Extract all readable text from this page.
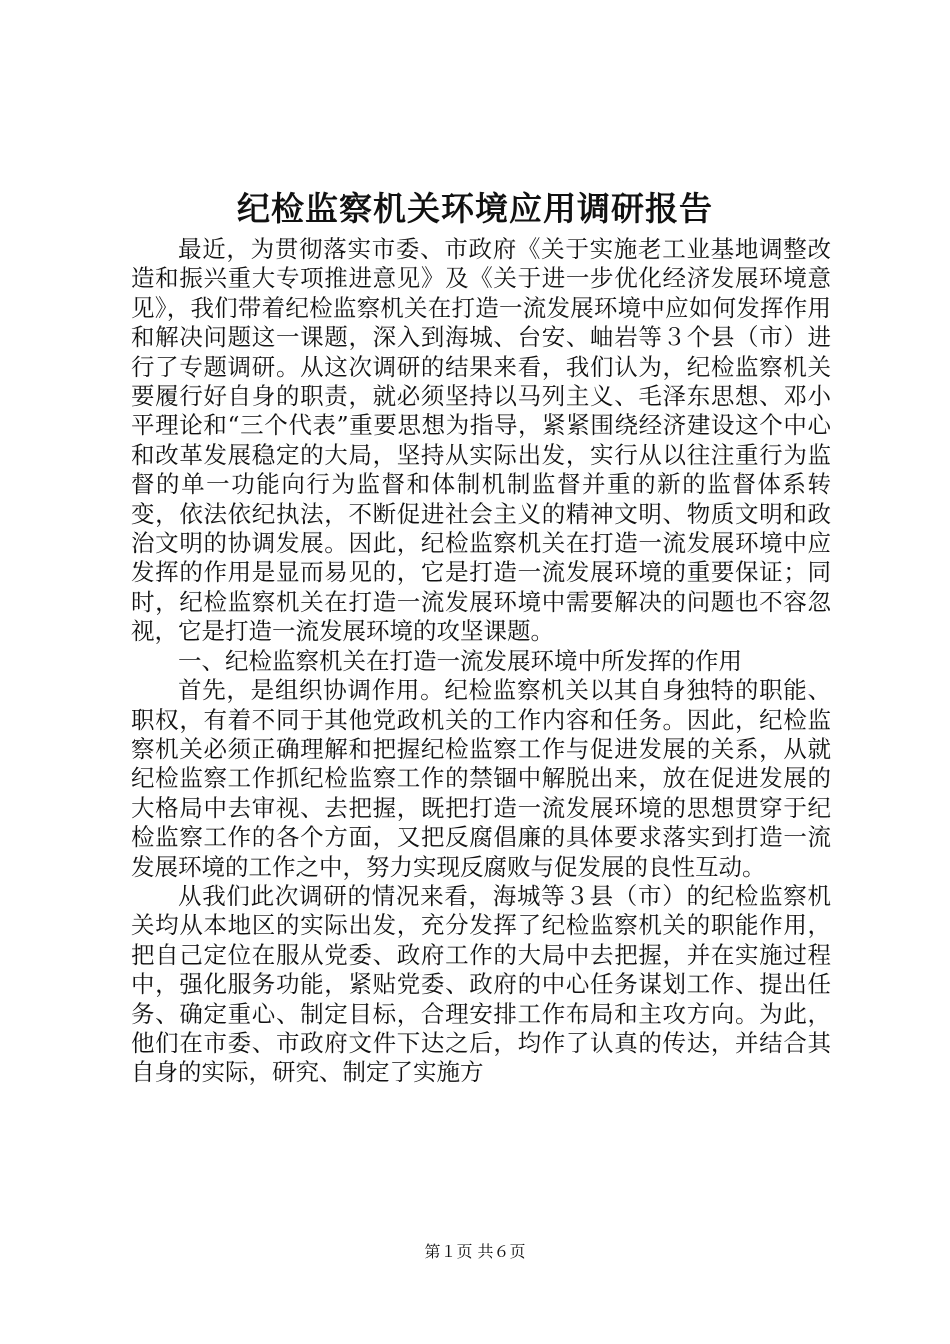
纪检监察机关环境应用调研报告

最近，为贯彻落实市委、市政府《关于实施老工业基地调整改造和振兴重大专项推进意见》及《关于进一步优化经济发展环境意见》，我们带着纪检监察机关在打造一流发展环境中应如何发挥作用和解决问题这一课题，深入到海城、台安、岫岩等３个县（市）进行了专题调研。从这次调研的结果来看，我们认为，纪检监察机关要履行好自身的职责，就必须坚持以马列主义、毛泽东思想、邓小平理论和“三个代表”重要思想为指导，紧紧围绕经济建设这个中心和改革发展稳定的大局，坚持从实际出发，实行从以往注重行为监督的单一功能向行为监督和体制机制监督并重的新的监督体系转变，依法依纪执法，不断促进社会主义的精神文明、物质文明和政治文明的协调发展。因此，纪检监察机关在打造一流发展环境中应发挥的作用是显而易见的，它是打造一流发展环境的重要保证；同时，纪检监察机关在打造一流发展环境中需要解决的问题也不容忽视，它是打造一流发展环境的攻坚课题。

一、纪检监察机关在打造一流发展环境中所发挥的作用

首先，是组织协调作用。纪检监察机关以其自身独特的职能、职权，有着不同于其他党政机关的工作内容和任务。因此，纪检监察机关必须正确理解和把握纪检监察工作与促进发展的关系，从就纪检监察工作抓纪检监察工作的禁锢中解脱出来，放在促进发展的大格局中去审视、去把握，既把打造一流发展环境的思想贯穿于纪检监察工作的各个方面，又把反腐倡廉的具体要求落实到打造一流发展环境的工作之中，努力实现反腐败与促发展的良性互动。

从我们此次调研的情况来看，海城等３县（市）的纪检监察机关均从本地区的实际出发，充分发挥了纪检监察机关的职能作用，把自己定位在服从党委、政府工作的大局中去把握，并在实施过程中，强化服务功能，紧贴党委、政府的中心任务谋划工作、提出任务、确定重心、制定目标，合理安排工作布局和主攻方向。为此，他们在市委、市政府文件下达之后，均作了认真的传达，并结合其自身的实际，研究、制定了实施方

第１页 共６页
